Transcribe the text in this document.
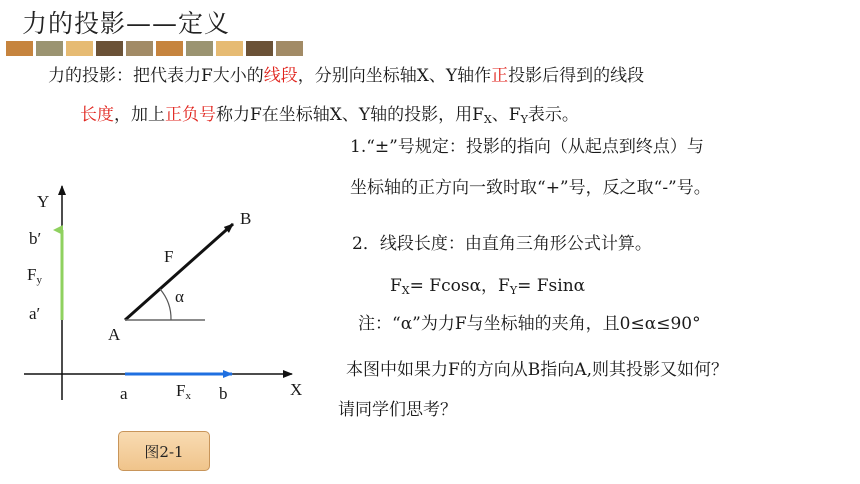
力的投影——定义
力的投影：把代表力F大小的线段，分别向坐标轴X、Y轴作正投影后得到的线段
长度，加上正负号称力F在坐标轴X、Y轴的投影，用$F_X$、$F_Y$表示。
1.“±”号规定：投影的指向（从起点到终点）与
坐标轴的正方向一致时取“+”号，反之取“-”号。
2．线段长度：由直角三角形公式计算。
$F_X= Fcos\alpha$，$F_Y= Fsin\alpha$
注：“α”为力F与坐标轴的夹角，且0≤α≤90°
本图中如果力F的方向从B指向A,则其投影又如何？
请同学们思考？
Y
b′
$F_y$
a′
A
B
F
α
a	$F_x$ b	X
图2-1
